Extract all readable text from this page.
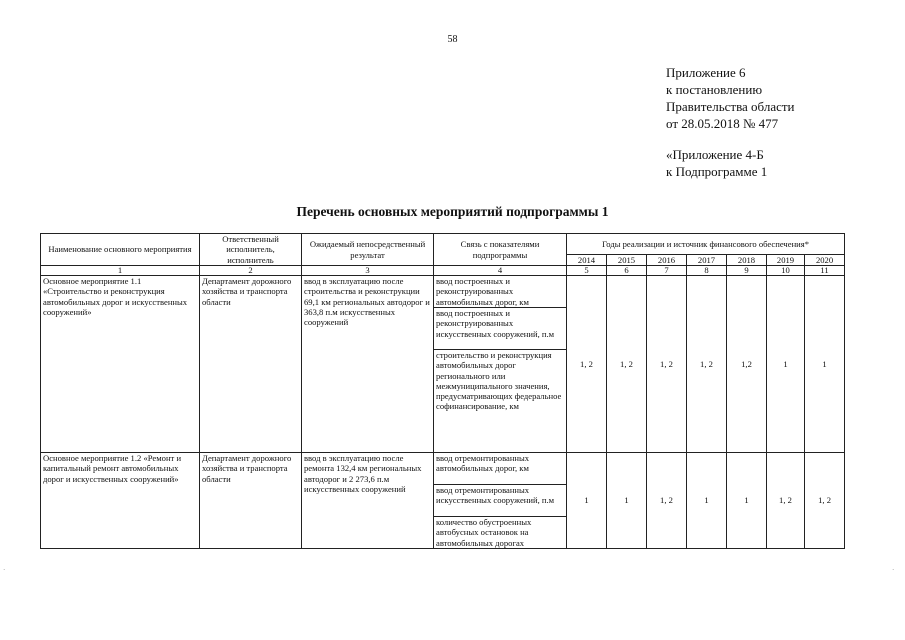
58
Приложение 6
к постановлению
Правительства области
от 28.05.2018 № 477
«Приложение 4-Б
к Подпрограмме 1
Перечень основных мероприятий подпрограммы 1
Наименование основного мероприятия	Ответственный исполнитель, исполнитель	Ожидаемый непосредственный результат	Связь с показателями подпрограммы	Годы реализации и источник финансового обеспечения*						
				2014	2015	2016	2017	2018	2019	2020
1	2	3	4	5	6	7	8	9	10	11
Основное мероприятие 1.1 «Строительство и реконструкция автомобильных дорог и искусственных сооружений»	Департамент дорожного хозяйства и транспорта области	ввод в эксплуатацию после строительства и реконструкции 69,1 км региональных автодорог и 363,8 п.м искусственных сооружений	ввод построенных и реконструированных автомобильных дорог, км	1, 2	1, 2	1, 2	1, 2	1,2	1	1
			ввод построенных и реконструированных искусственных сооружений, п.м							
			строительство и реконструкция автомобильных дорог регионального или межмуниципального значения, предусматривающих федеральное софинансирование, км							
Основное мероприятие 1.2 «Ремонт и капитальный ремонт автомобильных дорог и искусственных сооружений»	Департамент дорожного хозяйства и транспорта области	ввод в эксплуатацию после ремонта 132,4 км региональных автодорог и 2 273,6 п.м искусственных сооружений	ввод отремонтированных автомобильных дорог, км	1	1	1, 2	1	1	1, 2	1, 2
			ввод отремонтированных искусственных сооружений, п.м							
			количество обустроенных автобусных остановок на автомобильных дорогах							
·	·
